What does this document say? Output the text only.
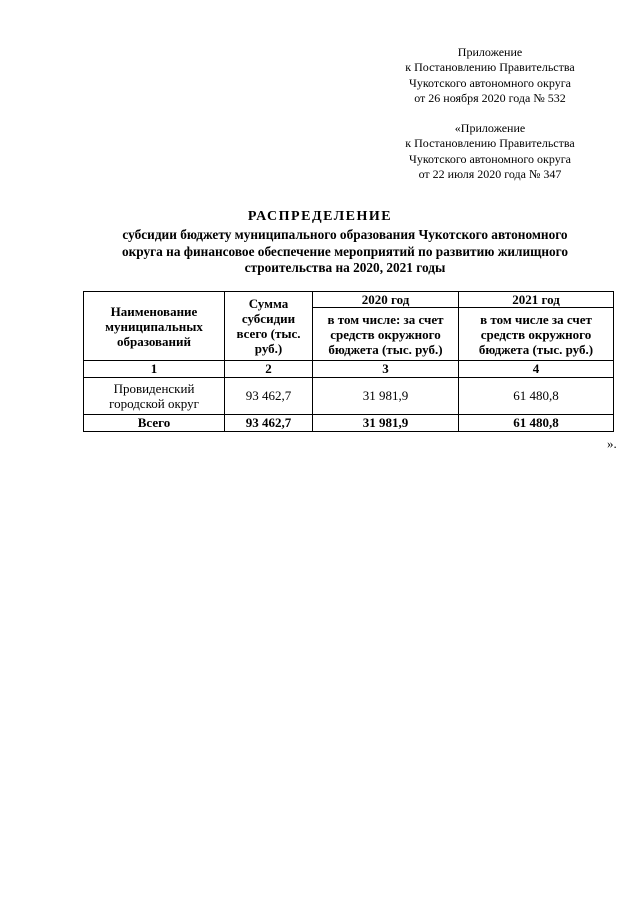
Приложение
к Постановлению Правительства
Чукотского автономного округа
от 26 ноября 2020 года № 532
«Приложение
к Постановлению Правительства
Чукотского автономного округа
от 22 июля 2020 года № 347
РАСПРЕДЕЛЕНИЕ
субсидии бюджету муниципального образования Чукотского автономного
округа на финансовое обеспечение мероприятий по развитию жилищного
строительства на 2020, 2021 годы
Наименование муниципальных образований	Сумма субсидии всего (тыс. руб.)	2020 год	2021 год
		в том числе: за счет средств окружного бюджета (тыс. руб.)	в том числе за счет средств окружного бюджета (тыс. руб.)
1	2	3	4
Провиденский городской округ	93 462,7	31 981,9	61 480,8
Всего	93 462,7	31 981,9	61 480,8
».
